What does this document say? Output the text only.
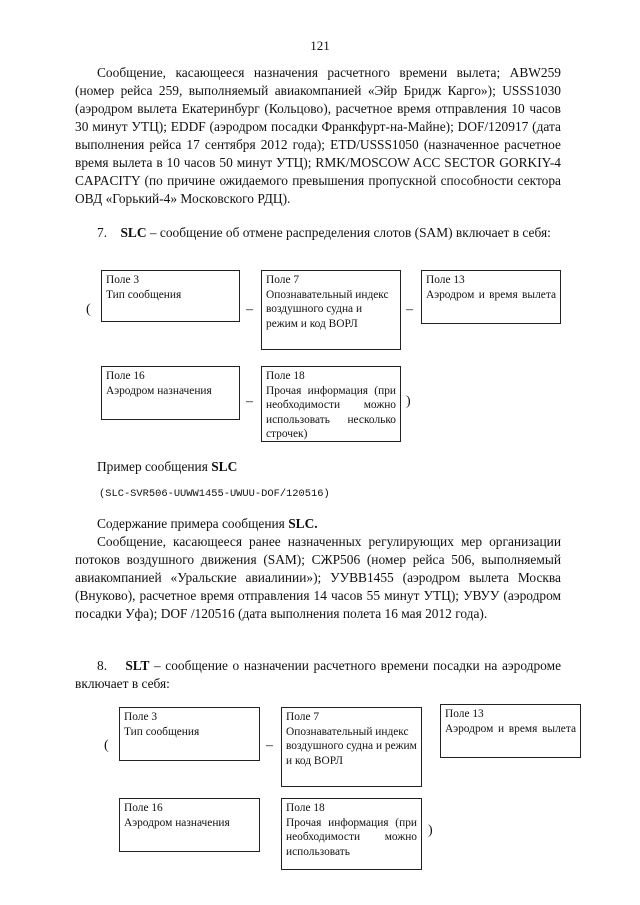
121

Сообщение, касающееся назначения расчетного времени вылета; ABW259 (номер рейса 259, выполняемый авиакомпанией «Эйр Бридж Карго»); USSS1030 (аэродром вылета Екатеринбург (Кольцово), расчетное время отправления 10 часов 30 минут УТЦ); EDDF (аэродром посадки Франкфурт-на-Майне); DOF/120917 (дата выполнения рейса 17 сентября 2012 года); ETD/USSS1050 (назначенное расчетное время вылета в 10 часов 50 минут УТЦ); RMK/MOSCOW ACC SECTOR GORKIY-4 CAPACITY (по причине ожидаемого превышения пропускной способности сектора ОВД «Горький-4» Московского РДЦ).

7. SLC – сообщение об отмене распределения слотов (SAM) включает в себя:
(
Поле 3
Тип сообщения
–
Поле 7
Опознавательный индекс воздушного судна и режим и код ВОРЛ
–
Поле 13
Аэродром и время вылета
Поле 16
Аэродром назначения
–
Поле 18
Прочая информация (при необходимости можно использовать несколько строчек)
)
Пример сообщения SLC
(SLC-SVR506-UUWW1455-UWUU-DOF/120516)
Содержание примера сообщения SLC.

Сообщение, касающееся ранее назначенных регулирующих мер организации потоков воздушного движения (SAM); СЖР506 (номер рейса 506, выполняемый авиакомпанией «Уральские авиалинии»); УУВВ1455 (аэродром вылета Москва (Внуково), расчетное время отправления 14 часов 55 минут УТЦ); УВУУ (аэродром посадки Уфа); DOF /120516 (дата выполнения полета 16 мая 2012 года).

8. SLT – сообщение о назначении расчетного времени посадки на аэродроме включает в себя:
(
Поле 3
Тип сообщения
–
Поле 7
Опознавательный индекс воздушного судна и режим и код ВОРЛ
Поле 13
Аэродром и время вылета
Поле 16
Аэродром назначения
Поле 18
Прочая информация (при необходимости можно использовать
)
